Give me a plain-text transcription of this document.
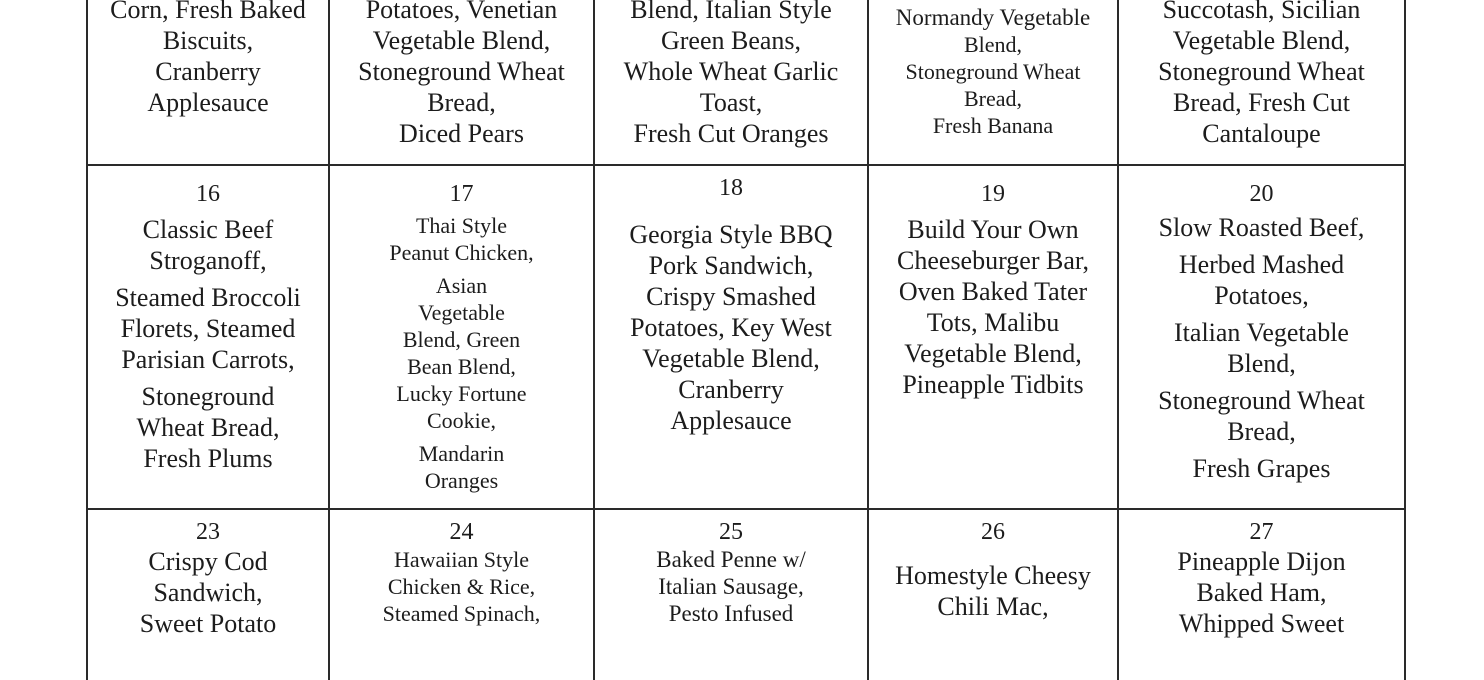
Corn, Fresh Baked
Biscuits,
Cranberry
Applesauce
Potatoes, Venetian
Vegetable Blend,
Stoneground Wheat
Bread,
Diced Pears
Blend, Italian Style
Green Beans,
Whole Wheat Garlic
Toast,
Fresh Cut Oranges
Normandy Vegetable
Blend,
Stoneground Wheat
Bread,
Fresh Banana
Succotash, Sicilian
Vegetable Blend,
Stoneground Wheat
Bread, Fresh Cut
Cantaloupe
16
Classic Beef
Stroganoff,
Steamed Broccoli
Florets, Steamed
Parisian Carrots,
Stoneground
Wheat Bread,
Fresh Plums
17
Thai Style
Peanut Chicken,
Asian
Vegetable
Blend, Green
Bean Blend,
Lucky Fortune
Cookie,
Mandarin
Oranges
18
Georgia Style BBQ
Pork Sandwich,
Crispy Smashed
Potatoes, Key West
Vegetable Blend,
Cranberry
Applesauce
19
Build Your Own
Cheeseburger Bar,
Oven Baked Tater
Tots, Malibu
Vegetable Blend,
Pineapple Tidbits
20
Slow Roasted Beef,
Herbed Mashed
Potatoes,
Italian Vegetable
Blend,
Stoneground Wheat
Bread,
Fresh Grapes
23
Crispy Cod
Sandwich,
Sweet Potato
24
Hawaiian Style
Chicken & Rice,
Steamed Spinach,
25
Baked Penne w/
Italian Sausage,
Pesto Infused
26
Homestyle Cheesy
Chili Mac,
27
Pineapple Dijon
Baked Ham,
Whipped Sweet
